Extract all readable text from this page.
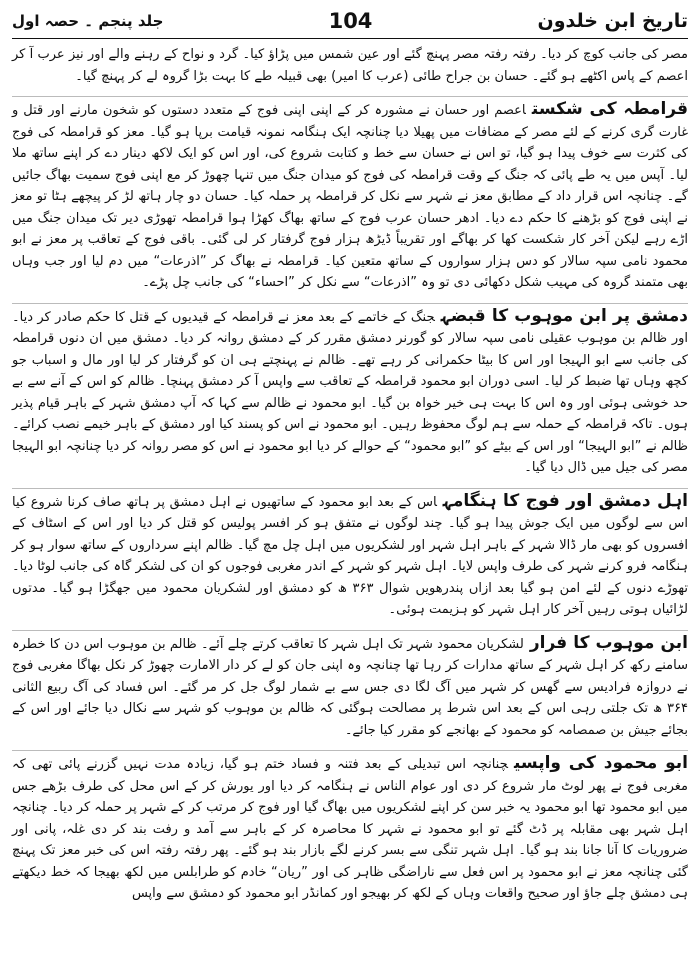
تاریخ ابن خلدون
104
جلد پنجم ۔ حصہ اول

مصر کی جانب کوچ کر دیا۔ رفتہ رفتہ مصر پہنچ گئے اور عین شمس میں پڑاؤ کیا۔ گرد و نواح کے رہنے والے اور نیز عرب آ کر اعصم کے پاس اکٹھے ہو گئے۔ حسان بن جراح طائی (عرب کا امیر) بھی قبیلہ طے کا بہت بڑا گروہ لے کر پہنچ گیا۔

قرامطہ کی شکستاعصم اور حسان نے مشورہ کر کے اپنی اپنی فوج کے متعدد دستوں کو شخون مارنے اور قتل و غارت گری کرنے کے لئے مصر کے مضافات میں پھیلا دیا چنانچہ ایک ہنگامہ نمونہ قیامت برپا ہو گیا۔ معز کو قرامطہ کی فوج کی کثرت سے خوف پیدا ہو گیا، تو اس نے حسان سے خط و کتابت شروع کی، اور اس کو ایک لاکھ دینار دے کر اپنے ساتھ ملا لیا۔ آپس میں یہ طے پائی کہ جنگ کے وقت قرامطہ کی فوج کو میدان جنگ میں تنہا چھوڑ کر مع اپنی فوج سمیت بھاگ جائیں گے۔ چنانچہ اس قرار داد کے مطابق معز نے شہر سے نکل کر قرامطہ پر حملہ کیا۔ حسان دو چار ہاتھ لڑ کر پیچھے ہٹا تو معز نے اپنی فوج کو بڑھنے کا حکم دے دیا۔ ادھر حسان عرب فوج کے ساتھ بھاگ کھڑا ہوا قرامطہ تھوڑی دیر تک میدان جنگ میں اڑے رہے لیکن آخر کار شکست کھا کر بھاگے اور تقریباً ڈیڑھ ہزار فوج گرفتار کر لی گئی۔ باقی فوج کے تعاقب پر معز نے ابو محمود نامی سپہ سالار کو دس ہزار سواروں کے ساتھ متعین کیا۔ قرامطہ نے بھاگ کر ”اذرعات“ میں دم لیا اور جب وہاں بھی متمند گروہ کی مہیب شکل دکھائی دی تو وہ ”اذرعات“ سے نکل کر ”احساء“ کی جانب چل پڑے۔

دمشق پر ابن موہوب کا قبضہجنگ کے خاتمے کے بعد معز نے قرامطہ کے قیدیوں کے قتل کا حکم صادر کر دیا۔ اور ظالم بن موہوب عقیلی نامی سپہ سالار کو گورنر دمشق مقرر کر کے دمشق روانہ کر دیا۔ دمشق میں ان دنوں قرامطہ کی جانب سے ابو الہیجا اور اس کا بیٹا حکمرانی کر رہے تھے۔ ظالم نے پہنچتے ہی ان کو گرفتار کر لیا اور مال و اسباب جو کچھ وہاں تھا ضبط کر لیا۔ اسی دوران ابو محمود قرامطہ کے تعاقب سے واپس آ کر دمشق پہنچا۔ ظالم کو اس کے آنے سے بے حد خوشی ہوئی اور وہ اس کا بہت ہی خیر خواہ بن گیا۔ ابو محمود نے ظالم سے کہا کہ آپ دمشق شہر کے باہر قیام پذیر ہوں۔ تاکہ قرامطہ کے حملہ سے ہم لوگ محفوظ رہیں۔ ابو محمود نے اس کو پسند کیا اور دمشق کے باہر خیمے نصب کرائے۔ ظالم نے ”ابو الہیجا“ اور اس کے بیٹے کو ”ابو محمود“ کے حوالے کر دیا ابو محمود نے اس کو مصر روانہ کر دیا چنانچہ ابو الہیجا مصر کی جیل میں ڈال دیا گیا۔

اہل دمشق اور فوج کا ہنگامہاس کے بعد ابو محمود کے ساتھیوں نے اہل دمشق پر ہاتھ صاف کرنا شروع کیا اس سے لوگوں میں ایک جوش پیدا ہو گیا۔ چند لوگوں نے متفق ہو کر افسر پولیس کو قتل کر دیا اور اس کے اسٹاف کے افسروں کو بھی مار ڈالا شہر کے باہر اہل شہر اور لشکریوں میں اہل چل مچ گیا۔ ظالم اپنے سرداروں کے ساتھ سوار ہو کر ہنگامہ فرو کرنے شہر کی طرف واپس لایا۔ اہل شہر کو شہر کے اندر مغربی فوجوں کو ان کی لشکر گاہ کی جانب لوٹا دیا۔ تھوڑے دنوں کے لئے امن ہو گیا بعد ازاں پندرھویں شوال ۳۶۳ ھ کو دمشق اور لشکریان محمود میں جھگڑا ہو گیا۔ مدتوں لڑائیاں ہوتی رہیں آخر کار اہل شہر کو ہزیمت ہوئی۔

ابن موہوب کا فرارلشکریان محمود شہر تک اہل شہر کا تعاقب کرتے چلے آئے۔ ظالم بن موہوب اس دن کا خطرہ سامنے رکھ کر اہل شہر کے ساتھ مدارات کر رہا تھا چنانچہ وہ اپنی جان کو لے کر دار الامارت چھوڑ کر نکل بھاگا مغربی فوج نے دروازہ فرادیس سے گھس کر شہر میں آگ لگا دی جس سے بے شمار لوگ جل کر مر گئے۔ اس فساد کی آگ ربیع الثانی ۳۶۴ ھ تک جلتی رہی اس کے بعد اس شرط پر مصالحت ہوگئی کہ ظالم بن موہوب کو شہر سے نکال دیا جائے اور اس کے بجائے جیش بن صمصامہ کو محمود کے بھانجے کو مقرر کیا جائے۔

ابو محمود کی واپسیچنانچہ اس تبدیلی کے بعد فتنہ و فساد ختم ہو گیا، زیادہ مدت نہیں گزرنے پائی تھی کہ مغربی فوج نے پھر لوٹ مار شروع کر دی اور عوام الناس نے ہنگامہ کر دیا اور یورش کر کے اس محل کی طرف بڑھے جس میں ابو محمود تھا ابو محمود یہ خبر سن کر اپنے لشکریوں میں بھاگ گیا اور فوج کر مرتب کر کے شہر پر حملہ کر دیا۔ چنانچہ اہل شہر بھی مقابلہ پر ڈٹ گئے تو ابو محمود نے شہر کا محاصرہ کر کے باہر سے آمد و رفت بند کر دی غلہ، پانی اور ضروریات کا آنا جانا بند ہو گیا۔ اہل شہر تنگی سے بسر کرنے لگے بازار بند ہو گئے۔ پھر رفتہ رفتہ اس کی خبر معز تک پہنچ گئی چنانچہ معز نے ابو محمود پر اس فعل سے ناراضگی ظاہر کی اور ”ریان“ خادم کو طرابلس میں لکھ بھیجا کہ خط دیکھتے ہی دمشق چلے جاؤ اور صحیح واقعات وہاں کے لکھ کر بھیجو اور کمانڈر ابو محمود کو دمشق سے واپس
